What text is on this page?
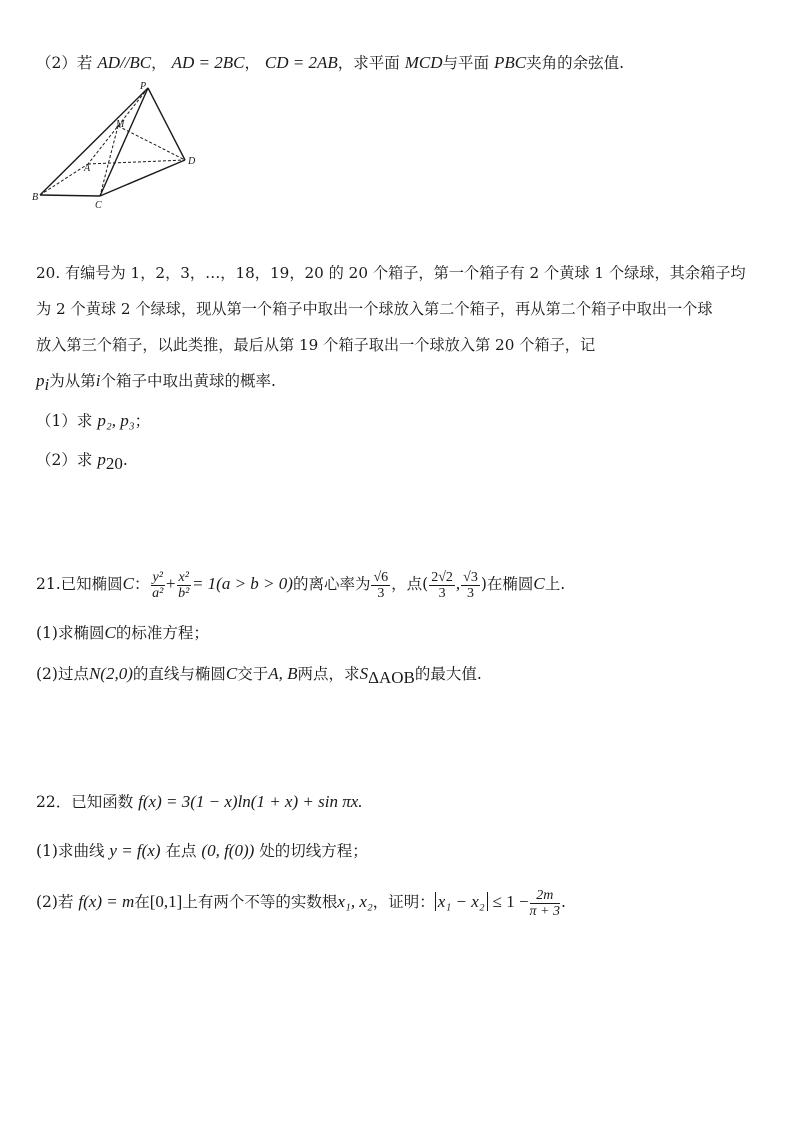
（2）若 AD//BC， AD = 2BC， CD = 2AB，求平面 MCD与平面 PBC夹角的余弦值.
P
M
A
D
B
C
20. 有编号为 1，2，3，…，18，19，20 的 20 个箱子，第一个箱子有 2 个黄球 1 个绿球，其余箱子均
为 2 个黄球 2 个绿球，现从第一个箱子中取出一个球放入第二个箱子，再从第二个箱子中取出一个球
放入第三个箱子，以此类推，最后从第 19 个箱子取出一个球放入第 20 个箱子，记
$p_i$为从第i个箱子中取出黄球的概率.
（1）求 p₂, p₃；
（2）求 $p_{20}$.
21.已知椭圆C： $\frac{\text{y²}}{\text{a²}} + \frac{\text{x²}}{\text{b²}} = 1(a > b > 0)$的离心率为 $\frac{√6}{3}$ ，点( $\frac{2√2}{3}$ , $\frac{√3}{3}$ )在椭圆C上.
(1)求椭圆C的标准方程；
(2)过点N(2,0)的直线与椭圆C交于A, B两点，求$S_{\Delta AOB}$的最大值.
22．已知函数 f(x) = 3(1 − x)ln(1 + x) + sin πx.
(1)求曲线 y = f(x) 在点 (0, f(0)) 处的切线方程；
(2)若 f(x) = m在[0,1]上有两个不等的实数根x₁, x₂，证明： $x_1 - x_2 \le 1 - \frac{2m}{\pi + 3}$ .
